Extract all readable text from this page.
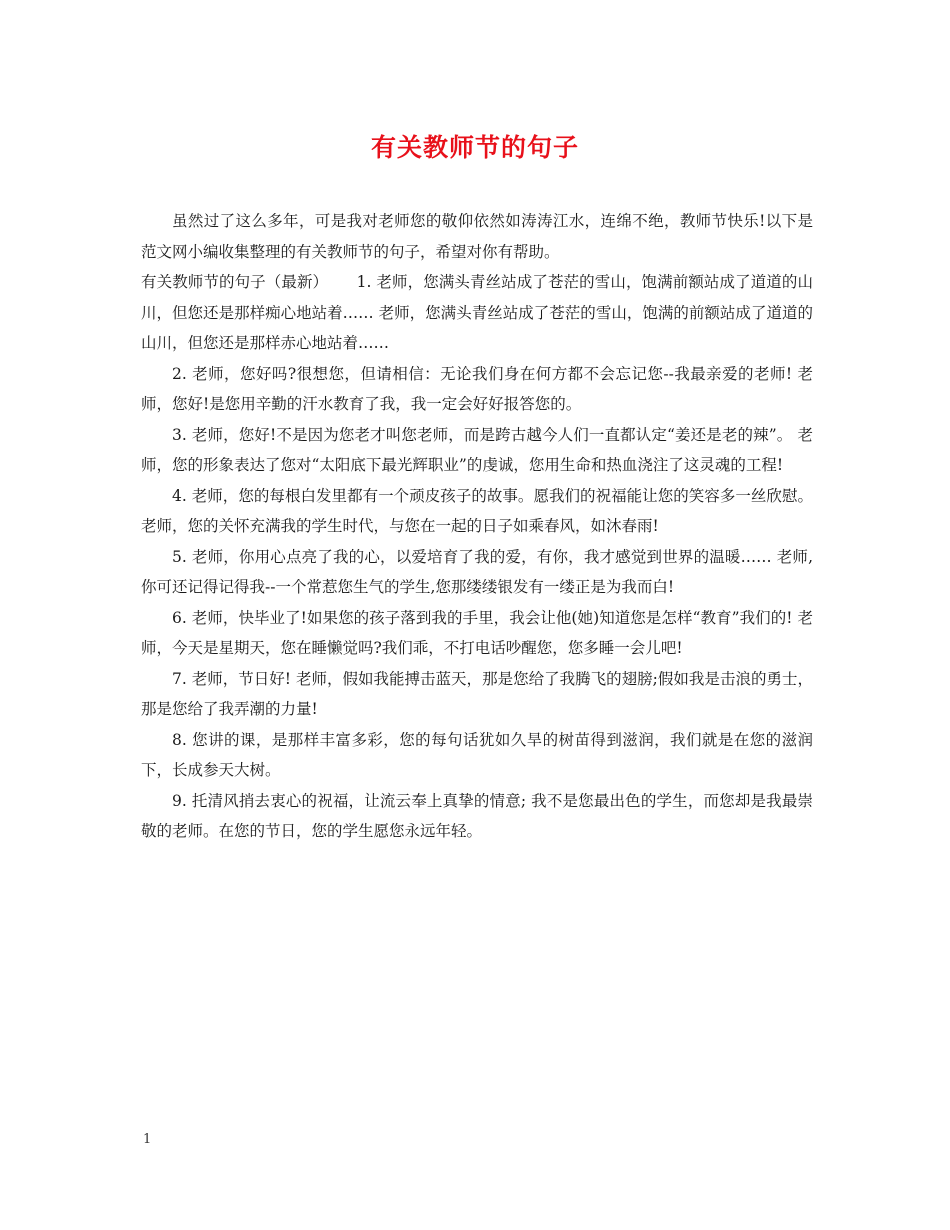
有关教师节的句子

虽然过了这么多年，可是我对老师您的敬仰依然如涛涛江水，连绵不绝，教师节快乐!以下是范文网小编收集整理的有关教师节的句子，希望对你有帮助。

有关教师节的句子（最新）　　 1. 老师，您满头青丝站成了苍茫的雪山，饱满前额站成了道道的山川，但您还是那样痴心地站着…… 老师，您满头青丝站成了苍茫的雪山，饱满的前额站成了道道的山川，但您还是那样赤心地站着……

2. 老师，您好吗?很想您，但请相信：无论我们身在何方都不会忘记您--我最亲爱的老师! 老师，您好!是您用辛勤的汗水教育了我，我一定会好好报答您的。

3. 老师，您好!不是因为您老才叫您老师，而是跨古越今人们一直都认定“姜还是老的辣”。 老师，您的形象表达了您对“太阳底下最光辉职业”的虔诚，您用生命和热血浇注了这灵魂的工程!

4. 老师，您的每根白发里都有一个顽皮孩子的故事。愿我们的祝福能让您的笑容多一丝欣慰。 老师，您的关怀充满我的学生时代，与您在一起的日子如乘春风，如沐春雨!

5. 老师，你用心点亮了我的心，以爱培育了我的爱，有你，我才感觉到世界的温暖…… 老师,你可还记得记得我--一个常惹您生气的学生,您那缕缕银发有一缕正是为我而白!

6. 老师，快毕业了!如果您的孩子落到我的手里，我会让他(她)知道您是怎样“教育”我们的! 老师，今天是星期天，您在睡懒觉吗?我们乖，不打电话吵醒您，您多睡一会儿吧!

7. 老师，节日好! 老师，假如我能搏击蓝天，那是您给了我腾飞的翅膀;假如我是击浪的勇士，那是您给了我弄潮的力量!

8. 您讲的课，是那样丰富多彩，您的每句话犹如久旱的树苗得到滋润，我们就是在您的滋润下，长成参天大树。

9. 托清风捎去衷心的祝福，让流云奉上真挚的情意; 我不是您最出色的学生，而您却是我最崇敬的老师。在您的节日，您的学生愿您永远年轻。

1
